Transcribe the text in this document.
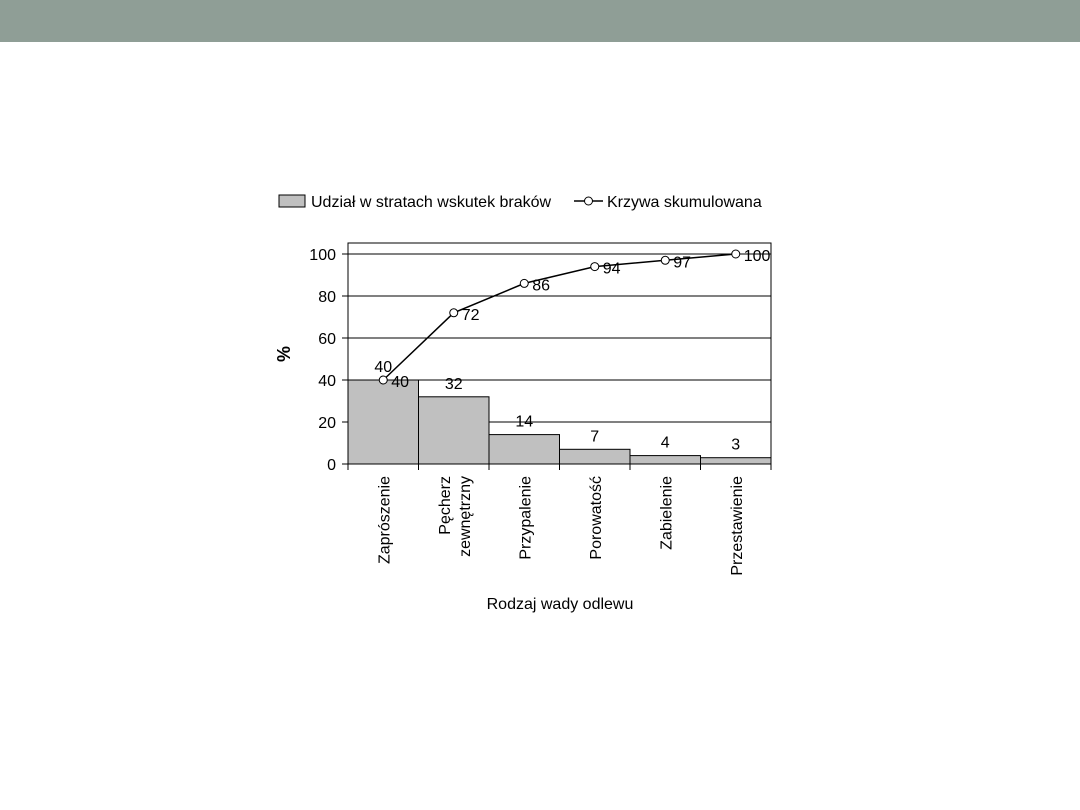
40
32
14
7	4	3
40
72
86
94	97	100
0
20
40
60
80
100
Zaprószenie	Pęcherz zewnętrzny	Przypalenie	Porowatość	Zabielenie	Przestawienie
Udział w stratach wskutek braków	Krzywa skumulowana
%
Rodzaj wady odlewu
